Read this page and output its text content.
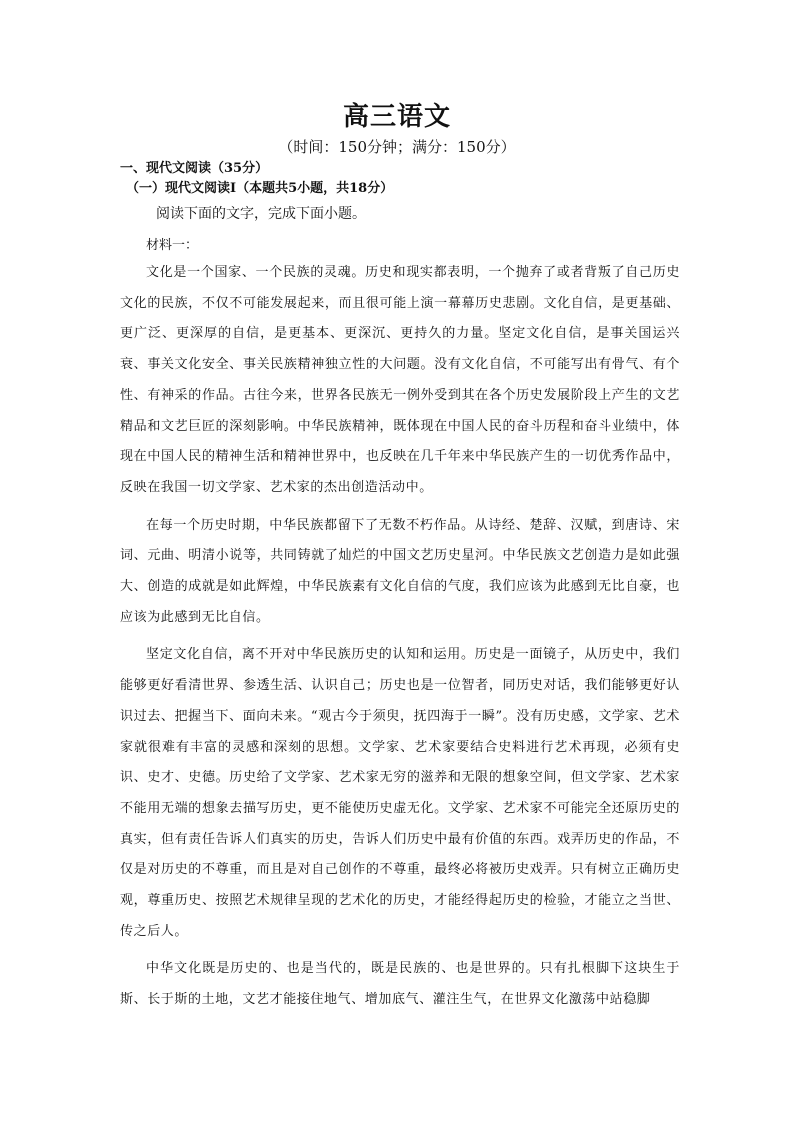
高三语文
（时间：150分钟；满分：150分）
一、现代文阅读（35分）
（一）现代文阅读Ⅰ（本题共5小题，共18分）
阅读下面的文字，完成下面小题。
材料一：

文化是一个国家、一个民族的灵魂。历史和现实都表明，一个抛弃了或者背叛了自己历史文化的民族，不仅不可能发展起来，而且很可能上演一幕幕历史悲剧。文化自信，是更基础、更广泛、更深厚的自信，是更基本、更深沉、更持久的力量。坚定文化自信，是事关国运兴衰、事关文化安全、事关民族精神独立性的大问题。没有文化自信，不可能写出有骨气、有个性、有神采的作品。古往今来，世界各民族无一例外受到其在各个历史发展阶段上产生的文艺精品和文艺巨匠的深刻影响。中华民族精神，既体现在中国人民的奋斗历程和奋斗业绩中，体现在中国人民的精神生活和精神世界中，也反映在几千年来中华民族产生的一切优秀作品中，反映在我国一切文学家、艺术家的杰出创造活动中。

在每一个历史时期，中华民族都留下了无数不朽作品。从诗经、楚辞、汉赋，到唐诗、宋词、元曲、明清小说等，共同铸就了灿烂的中国文艺历史星河。中华民族文艺创造力是如此强大、创造的成就是如此辉煌，中华民族素有文化自信的气度，我们应该为此感到无比自豪，也应该为此感到无比自信。

坚定文化自信，离不开对中华民族历史的认知和运用。历史是一面镜子，从历史中，我们能够更好看清世界、参透生活、认识自己；历史也是一位智者，同历史对话，我们能够更好认识过去、把握当下、面向未来。“观古今于须臾，抚四海于一瞬”。没有历史感，文学家、艺术家就很难有丰富的灵感和深刻的思想。文学家、艺术家要结合史料进行艺术再现，必须有史识、史才、史德。历史给了文学家、艺术家无穷的滋养和无限的想象空间，但文学家、艺术家不能用无端的想象去描写历史，更不能使历史虚无化。文学家、艺术家不可能完全还原历史的真实，但有责任告诉人们真实的历史，告诉人们历史中最有价值的东西。戏弄历史的作品，不仅是对历史的不尊重，而且是对自己创作的不尊重，最终必将被历史戏弄。只有树立正确历史观，尊重历史、按照艺术规律呈现的艺术化的历史，才能经得起历史的检验，才能立之当世、传之后人。

中华文化既是历史的、也是当代的，既是民族的、也是世界的。只有扎根脚下这块生于斯、长于斯的土地，文艺才能接住地气、增加底气、灌注生气，在世界文化激荡中站稳脚
